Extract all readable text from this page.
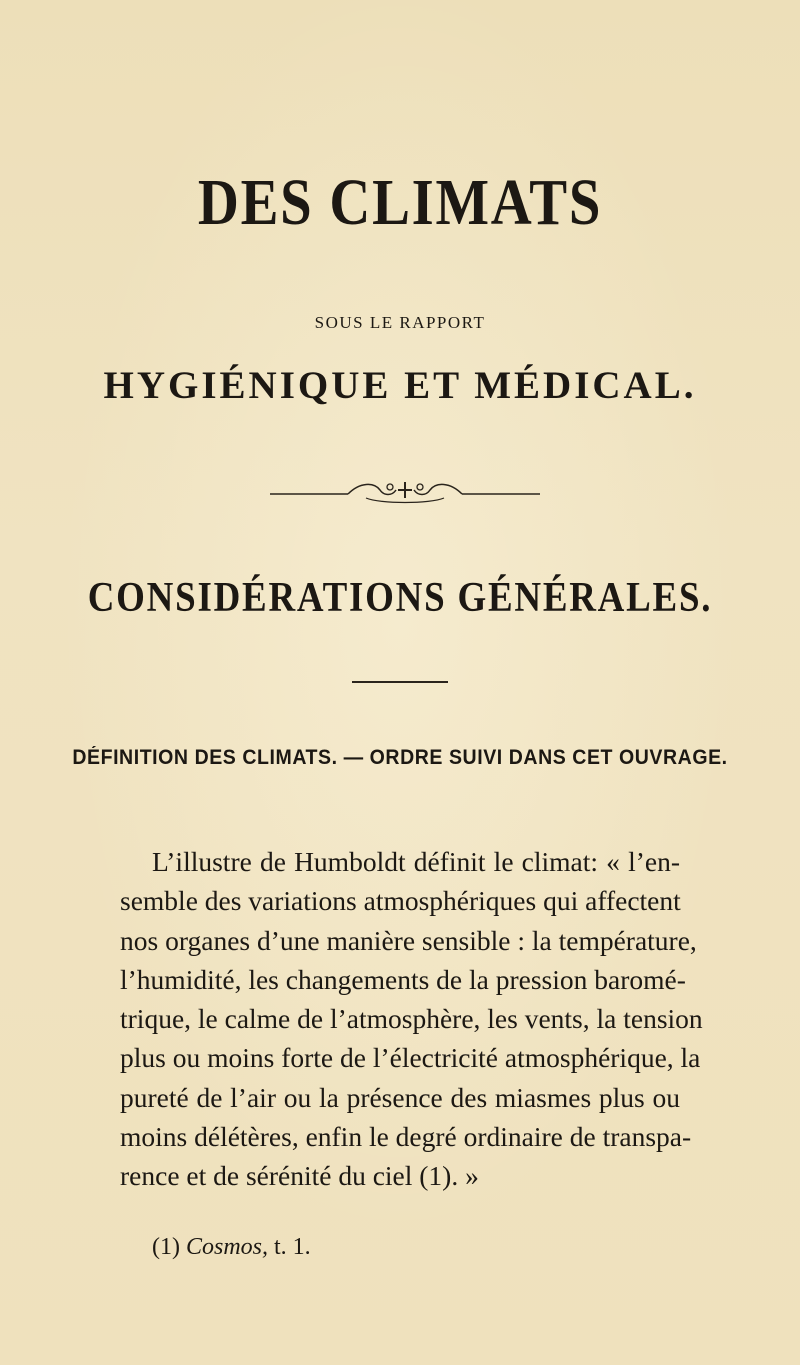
DES CLIMATS
SOUS LE RAPPORT
HYGIÉNIQUE ET MÉDICAL.
CONSIDÉRATIONS GÉNÉRALES.
DÉFINITION DES CLIMATS. — ORDRE SUIVI DANS CET OUVRAGE.
L’illustre de Humboldt définit le climat: « l’en-
semble des variations atmosphériques qui affectent
nos organes d’une manière sensible : la température,
l’humidité, les changements de la pression baromé-
trique, le calme de l’atmosphère, les vents, la tension
plus ou moins forte de l’électricité atmosphérique, la
pureté de l’air ou la présence des miasmes plus ou
moins délétères, enfin le degré ordinaire de transpa-
rence et de sérénité du ciel (1). »
(1) Cosmos, t. 1.
